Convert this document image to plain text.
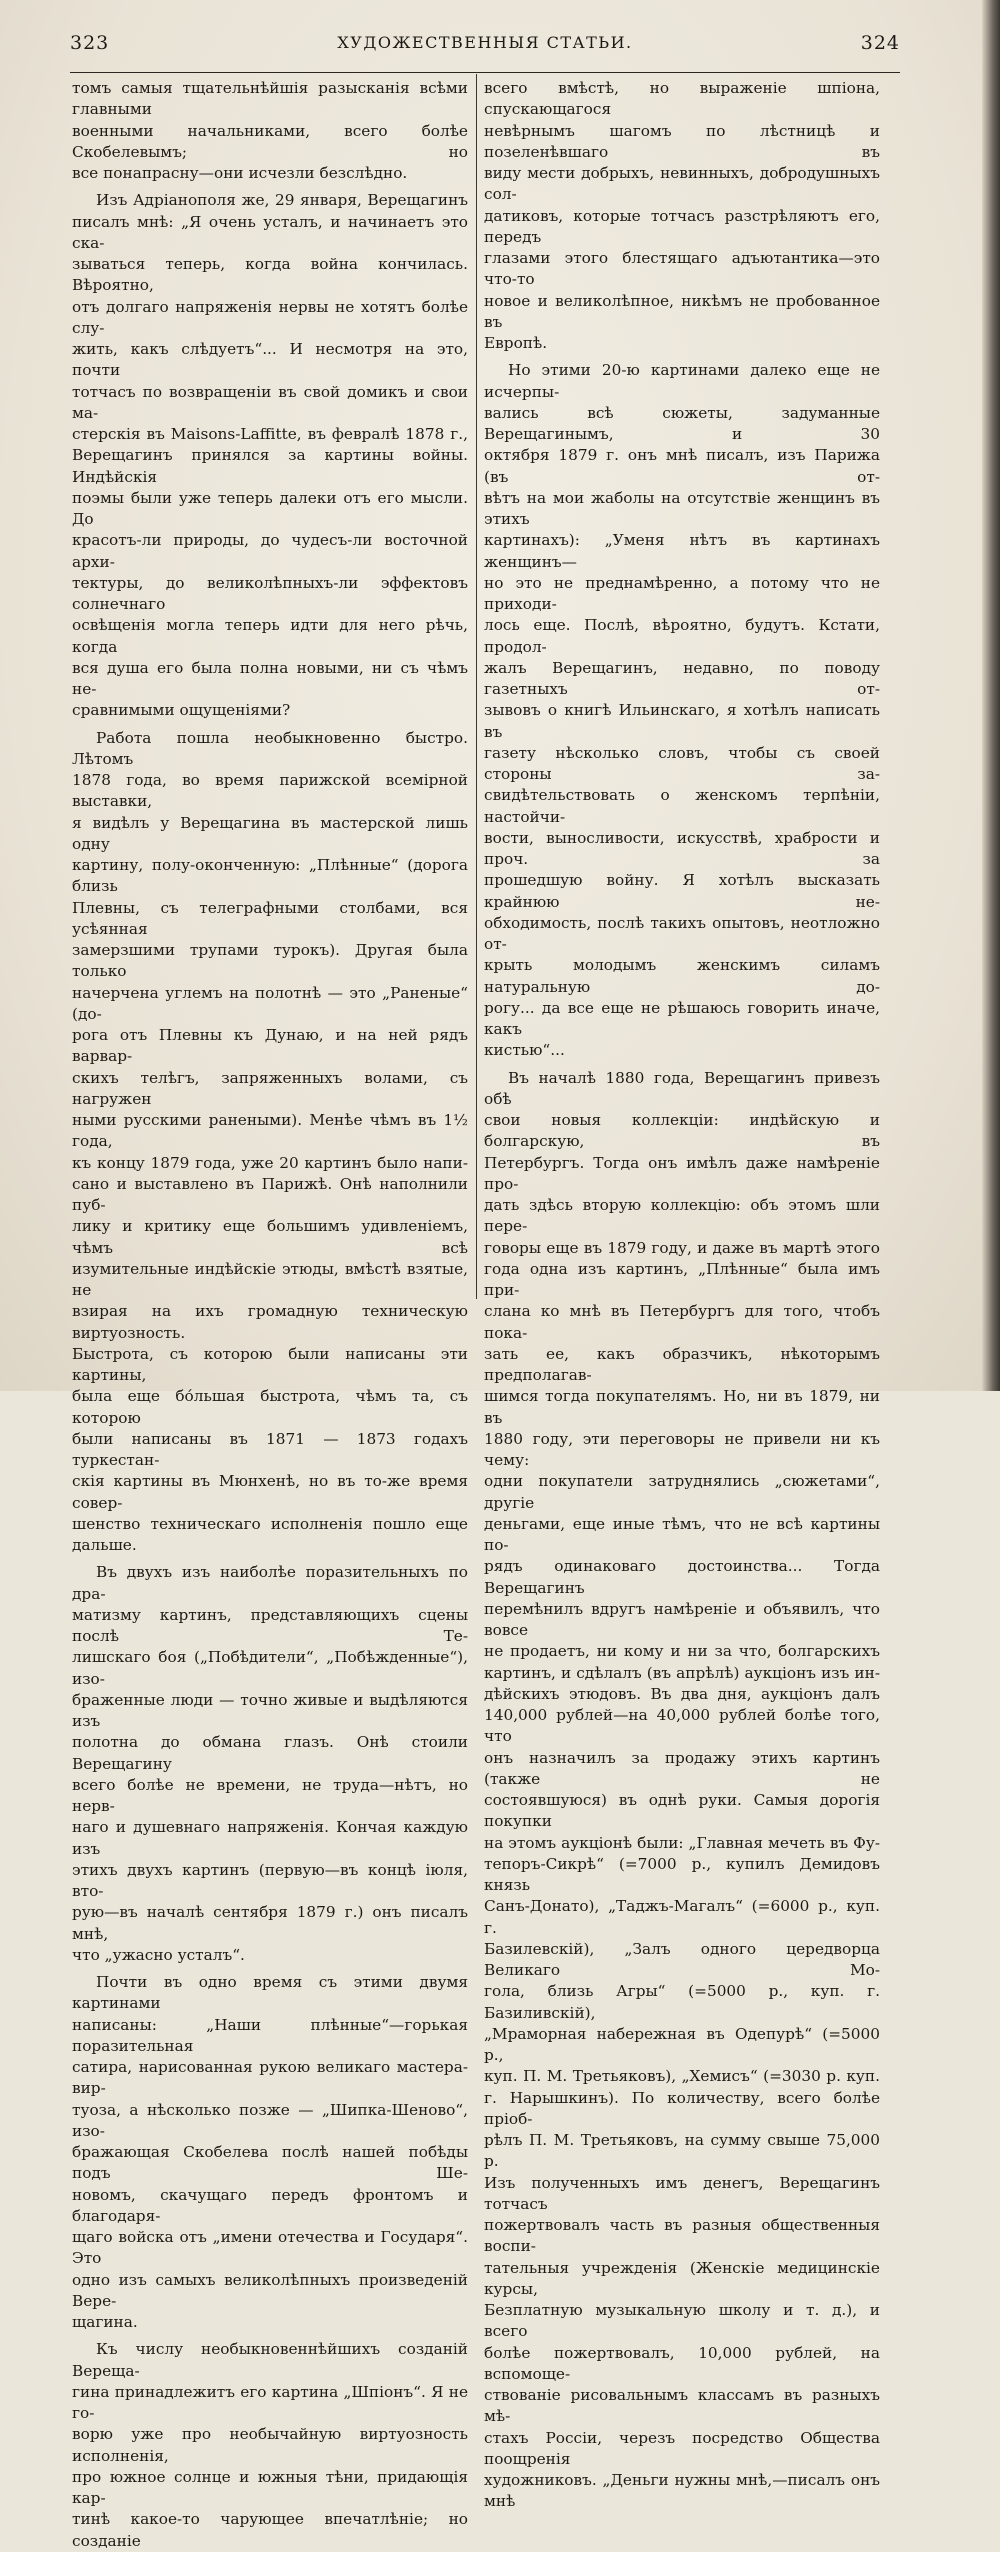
323	ХУДОЖЕСТВЕННЫЯ СТАТЬИ.	324

томъ самыя тщательнѣйшія разысканія всѣми главными

военными начальниками, всего болѣе Скобелевымъ; но

все понапрасну—они исчезли безслѣдно.

Изъ Адріанополя же, 29 января, Верещагинъ

писалъ мнѣ: „Я очень усталъ, и начинаетъ это ска-

зываться теперь, когда война кончилась. Вѣроятно,

отъ долгаго напряженія нервы не хотятъ болѣе слу-

жить, какъ слѣдуетъ“... И несмотря на это, почти

тотчасъ по возвращеніи въ свой домикъ и свои ма-

стерскія въ Maisons-Laffitte, въ февралѣ 1878 г.,

Верещагинъ принялся за картины войны. Индѣйскія

поэмы были уже теперь далеки отъ его мысли. До

красотъ-ли природы, до чудесъ-ли восточной архи-

тектуры, до великолѣпныхъ-ли эффектовъ солнечнаго

освѣщенія могла теперь идти для него рѣчь, когда

вся душа его была полна новыми, ни съ чѣмъ не-

сравнимыми ощущеніями?

Работа пошла необыкновенно быстро. Лѣтомъ

1878 года, во время парижской всемірной выставки,

я видѣлъ у Верещагина въ мастерской лишь одну

картину, полу-оконченную: „Плѣнные“ (дорога близь

Плевны, съ телеграфными столбами, вся усѣянная

замерзшими трупами турокъ). Другая была только

начерчена углемъ на полотнѣ — это „Раненые“ (до-

рога отъ Плевны къ Дунаю, и на ней рядъ варвар-

скихъ телѣгъ, запряженныхъ волами, съ нагружен

ными русскими ранеными). Менѣе чѣмъ въ 1½ года,

къ концу 1879 года, уже 20 картинъ было напи-

сано и выставлено въ Парижѣ. Онѣ наполнили пуб-

лику и критику еще большимъ удивленіемъ, чѣмъ всѣ

изумительные индѣйскіе этюды, вмѣстѣ взятые, не

взирая на ихъ громадную техническую виртуозность.

Быстрота, съ которою были написаны эти картины,

была еще бо́льшая быстрота, чѣмъ та, съ которою

были написаны въ 1871 — 1873 годахъ туркестан-

скія картины въ Мюнхенѣ, но въ то-же время совер-

шенство техническаго исполненія пошло еще дальше.

Въ двухъ изъ наиболѣе поразительныхъ по дра-

матизму картинъ, представляющихъ сцены послѣ Те-

лишскаго боя („Побѣдители“, „Побѣжденные“), изо-

браженные люди — точно живые и выдѣляются изъ

полотна до обмана глазъ. Онѣ стоили Верещагину

всего болѣе не времени, не труда—нѣтъ, но нерв-

наго и душевнаго напряженія. Кончая каждую изъ

этихъ двухъ картинъ (первую—въ концѣ іюля, вто-

рую—въ началѣ сентября 1879 г.) онъ писалъ мнѣ,

что „ужасно усталъ“.

Почти въ одно время съ этими двумя картинами

написаны: „Наши плѣнные“—горькая поразительная

сатира, нарисованная рукою великаго мастера-вир-

туоза, а нѣсколько позже — „Шипка-Шеново“, изо-

бражающая Скобелева послѣ нашей побѣды подъ Ше-

новомъ, скачущаго передъ фронтомъ и благодаря-

щаго войска отъ „имени отечества и Государя“. Это

одно изъ самыхъ великолѣпныхъ произведеній Вере-

щагина.

Къ числу необыкновеннѣйшихъ созданій Вереща-

гина принадлежитъ его картина „Шпіонъ“. Я не го-

ворю уже про необычайную виртуозность исполненія,

про южное солнце и южныя тѣни, придающія кар-

тинѣ какое-то чарующее впечатлѣніе; но созданіе

всего вмѣстѣ, но выраженіе шпіона, спускающагося

невѣрнымъ шагомъ по лѣстницѣ и позеленѣвшаго въ

виду мести добрыхъ, невинныхъ, добродушныхъ сол-

датиковъ, которые тотчасъ разстрѣляютъ его, передъ

глазами этого блестящаго адъютантика—это что-то

новое и великолѣпное, никѣмъ не пробованное въ

Европѣ.

Но этими 20-ю картинами далеко еще не исчерпы-

вались всѣ сюжеты, задуманные Верещагинымъ, и 30

октября 1879 г. онъ мнѣ писалъ, изъ Парижа (въ от-

вѣтъ на мои жаболы на отсутствіе женщинъ въ этихъ

картинахъ): „Уменя нѣтъ въ картинахъ женщинъ—

но это не преднамѣренно, а потому что не приходи-

лось еще. Послѣ, вѣроятно, будутъ. Кстати, продол-

жалъ Верещагинъ, недавно, по поводу газетныхъ от-

зывовъ о книгѣ Ильинскаго, я хотѣлъ написать въ

газету нѣсколько словъ, чтобы съ своей стороны за-

свидѣтельствовать о женскомъ терпѣніи, настойчи-

вости, выносливости, искусствѣ, храбрости и проч. за

прошедшую войну. Я хотѣлъ высказать крайнюю не-

обходимость, послѣ такихъ опытовъ, неотложно от-

крыть молодымъ женскимъ силамъ натуральную до-

рогу... да все еще не рѣшаюсь говорить иначе, какъ

кистью“...

Въ началѣ 1880 года, Верещагинъ привезъ обѣ

свои новыя коллекціи: индѣйскую и болгарскую, въ

Петербургъ. Тогда онъ имѣлъ даже намѣреніе про-

дать здѣсь вторую коллекцію: объ этомъ шли пере-

говоры еще въ 1879 году, и даже въ мартѣ этого

года одна изъ картинъ, „Плѣнные“ была имъ при-

слана ко мнѣ въ Петербургъ для того, чтобъ пока-

зать ее, какъ образчикъ, нѣкоторымъ предполагав-

шимся тогда покупателямъ. Но, ни въ 1879, ни въ

1880 году, эти переговоры не привели ни къ чему:

одни покупатели затруднялись „сюжетами“, другіе

деньгами, еще иные тѣмъ, что не всѣ картины по-

рядъ одинаковаго достоинства... Тогда Верещагинъ

перемѣнилъ вдругъ намѣреніе и объявилъ, что вовсе

не продаетъ, ни кому и ни за что, болгарскихъ

картинъ, и сдѣлалъ (въ апрѣлѣ) аукціонъ изъ ин-

дѣйскихъ этюдовъ. Въ два дня, аукціонъ далъ

140,000 рублей—на 40,000 рублей болѣе того, что

онъ назначилъ за продажу этихъ картинъ (также не

состоявшуюся) въ однѣ руки. Самыя дорогія покупки

на этомъ аукціонѣ были: „Главная мечеть въ Фу-

тепоръ-Сикрѣ“ (=7000 р., купилъ Демидовъ князь

Санъ-Донато), „Таджъ-Магалъ“ (=6000 р., куп. г.

Базилевскій), „Залъ одного цередворца Великаго Мо-

гола, близь Агры“ (=5000 р., куп. г. Базиливскій),

„Мраморная набережная въ Одепурѣ“ (=5000 р.,

куп. П. М. Третьяковъ), „Хемисъ“ (=3030 р. куп.

г. Нарышкинъ). По количеству, всего болѣе пріоб-

рѣлъ П. М. Третьяковъ, на сумму свыше 75,000 р.

Изъ полученныхъ имъ денегъ, Верещагинъ тотчасъ

пожертвовалъ часть въ разныя общественныя воспи-

тательныя учрежденія (Женскіе медицинскіе курсы,

Безплатную музыкальную школу и т. д.), и всего

болѣе пожертвовалъ, 10,000 рублей, на вспомоще-

ствованіе рисовальнымъ классамъ въ разныхъ мѣ-

стахъ Россіи, черезъ посредство Общества поощренія

художниковъ. „Деньги нужны мнѣ,—писалъ онъ мнѣ
